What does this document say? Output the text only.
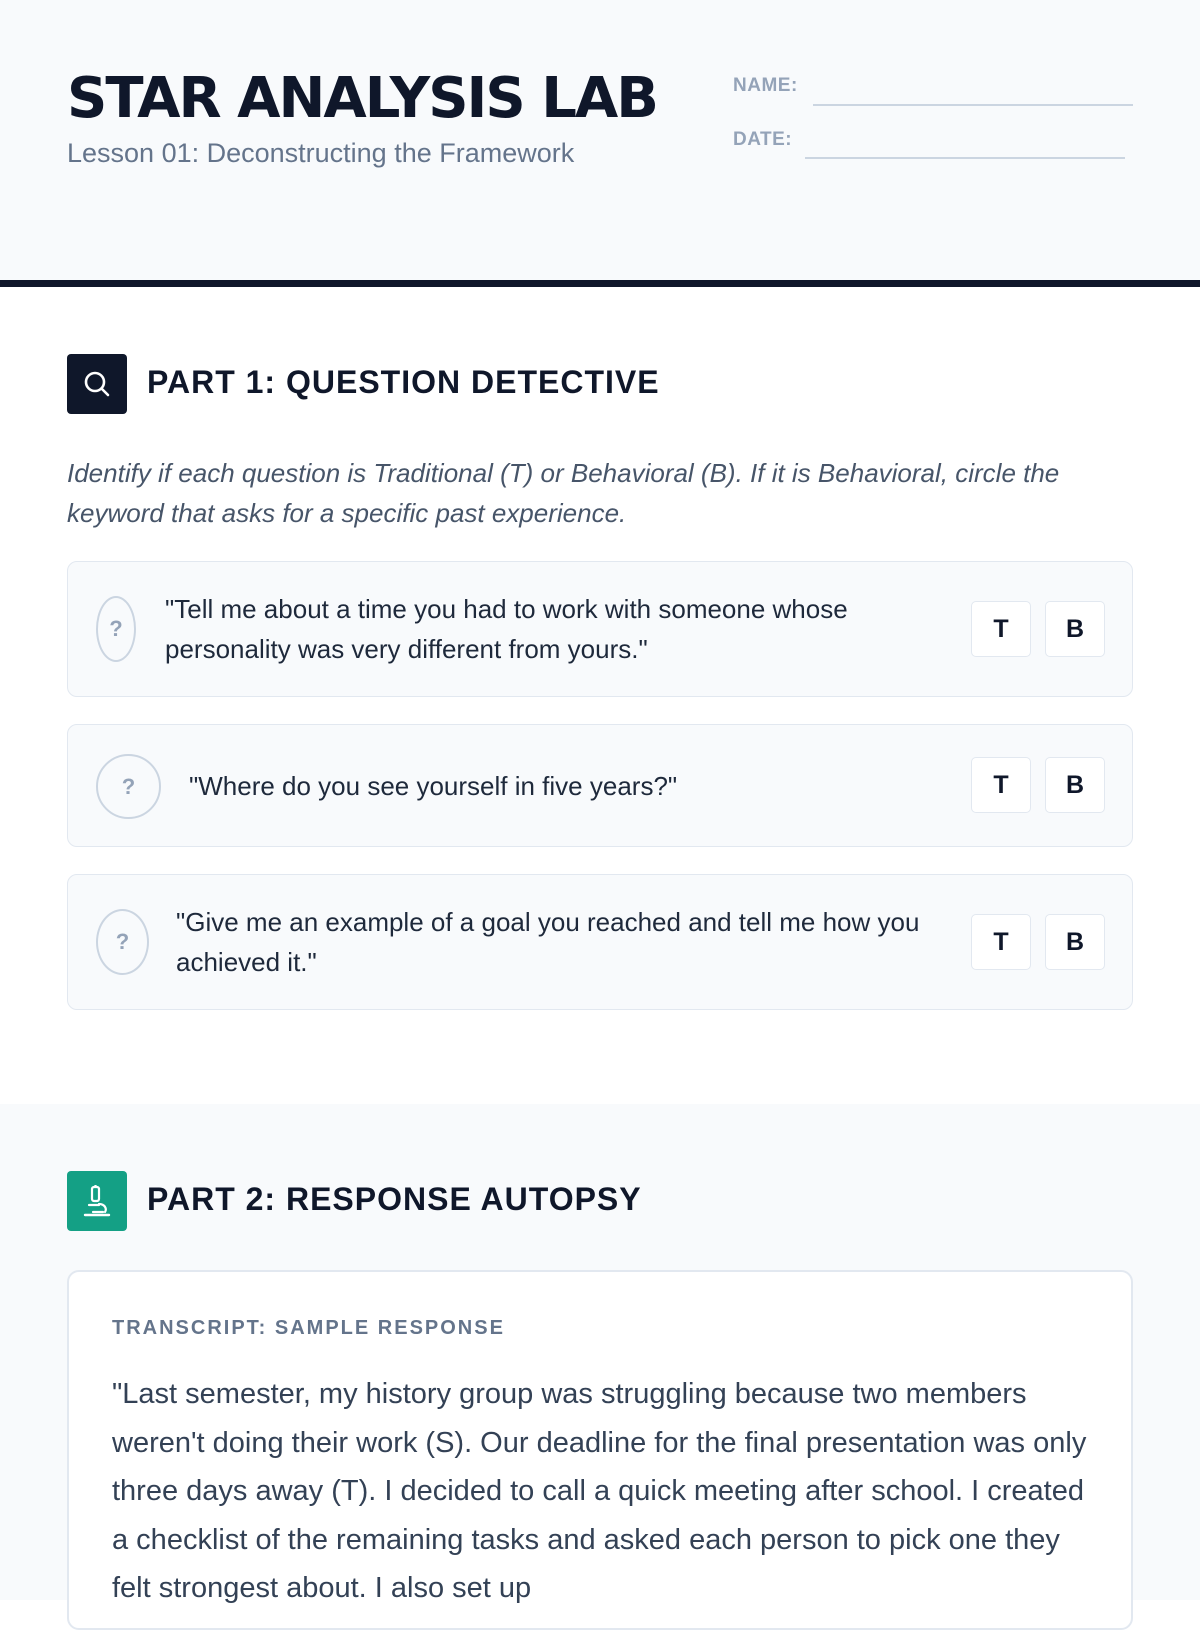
STAR ANALYSIS LAB
Lesson 01: Deconstructing the Framework
NAME:
DATE:
PART 1: QUESTION DETECTIVE
Identify if each question is Traditional (T) or Behavioral (B). If it is Behavioral, circle the keyword that asks for a specific past experience.
?
"Tell me about a time you had to work with someone whose personality was very different from yours."
T	B
?	"Where do you see yourself in five years?"	T	B
?
"Give me an example of a goal you reached and tell me how you achieved it."
T	B
PART 2: RESPONSE AUTOPSY
TRANSCRIPT: SAMPLE RESPONSE
"Last semester, my history group was struggling because two members weren't doing their work (S). Our deadline for the final presentation was only three days away (T). I decided to call a quick meeting after school. I created a checklist of the remaining tasks and asked each person to pick one they felt strongest about. I also set up
